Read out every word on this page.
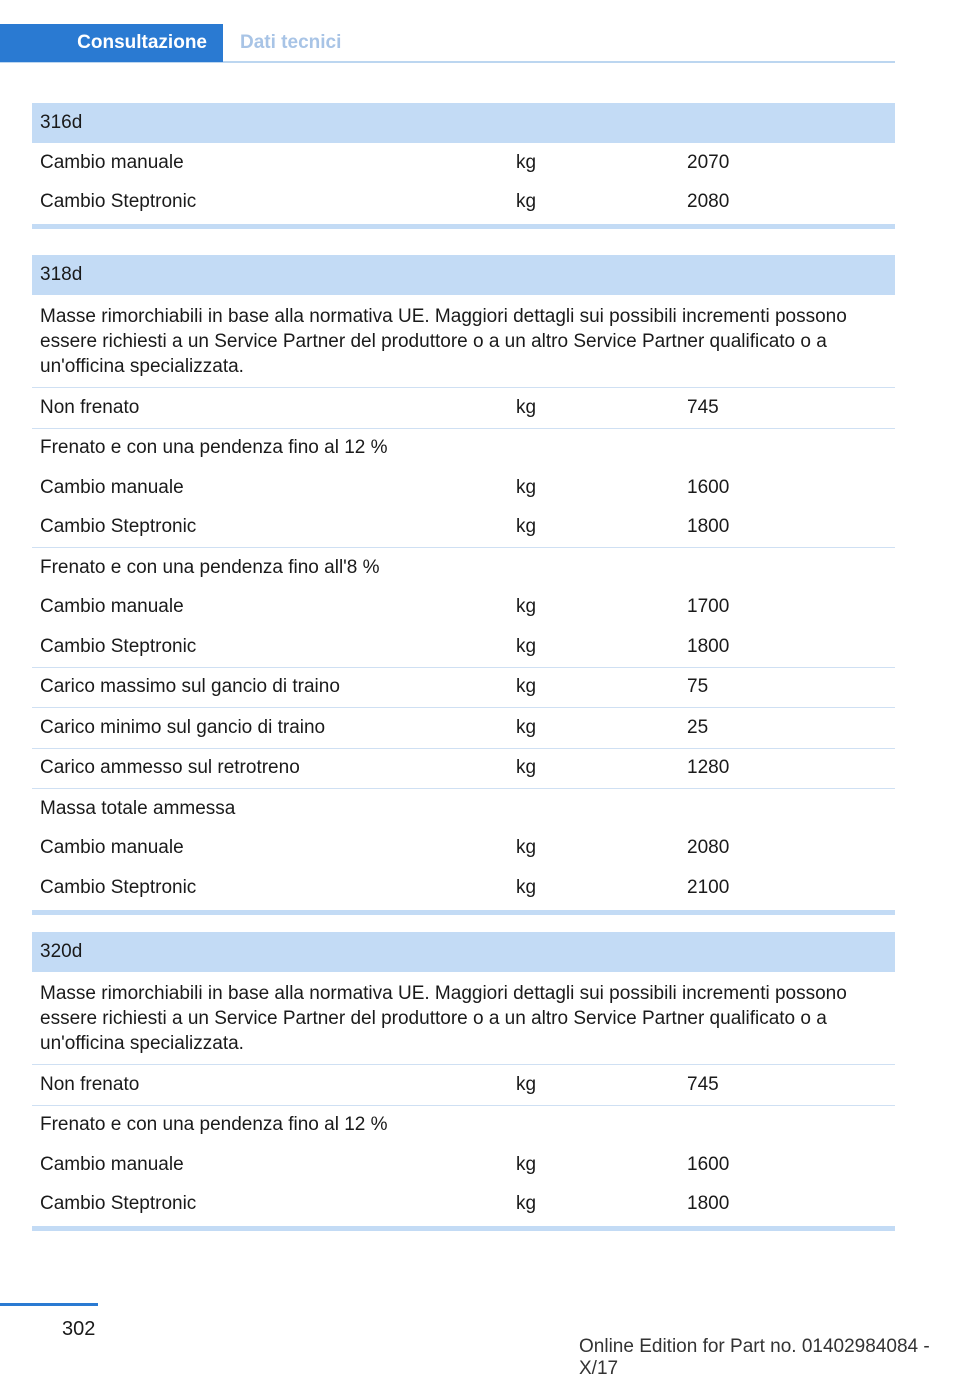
Consultazione	Dati tecnici
316d
Cambio manuale	kg	2070
Cambio Steptronic	kg	2080
318d
Masse rimorchiabili in base alla normativa UE. Maggiori dettagli sui possibili incrementi possono essere richiesti a un Service Partner del produttore o a un altro Service Partner qualificato o a un'officina specializzata.
Non frenato	kg	745
Frenato e con una pendenza fino al 12 %
Cambio manuale	kg	1600
Cambio Steptronic	kg	1800
Frenato e con una pendenza fino all'8 %
Cambio manuale	kg	1700
Cambio Steptronic	kg	1800
Carico massimo sul gancio di traino	kg	75
Carico minimo sul gancio di traino	kg	25
Carico ammesso sul retrotreno	kg	1280
Massa totale ammessa
Cambio manuale	kg	2080
Cambio Steptronic	kg	2100
320d
Masse rimorchiabili in base alla normativa UE. Maggiori dettagli sui possibili incrementi possono essere richiesti a un Service Partner del produttore o a un altro Service Partner qualificato o a un'officina specializzata.
Non frenato	kg	745
Frenato e con una pendenza fino al 12 %
Cambio manuale	kg	1600
Cambio Steptronic	kg	1800
302
Online Edition for Part no. 01402984084 - X/17
